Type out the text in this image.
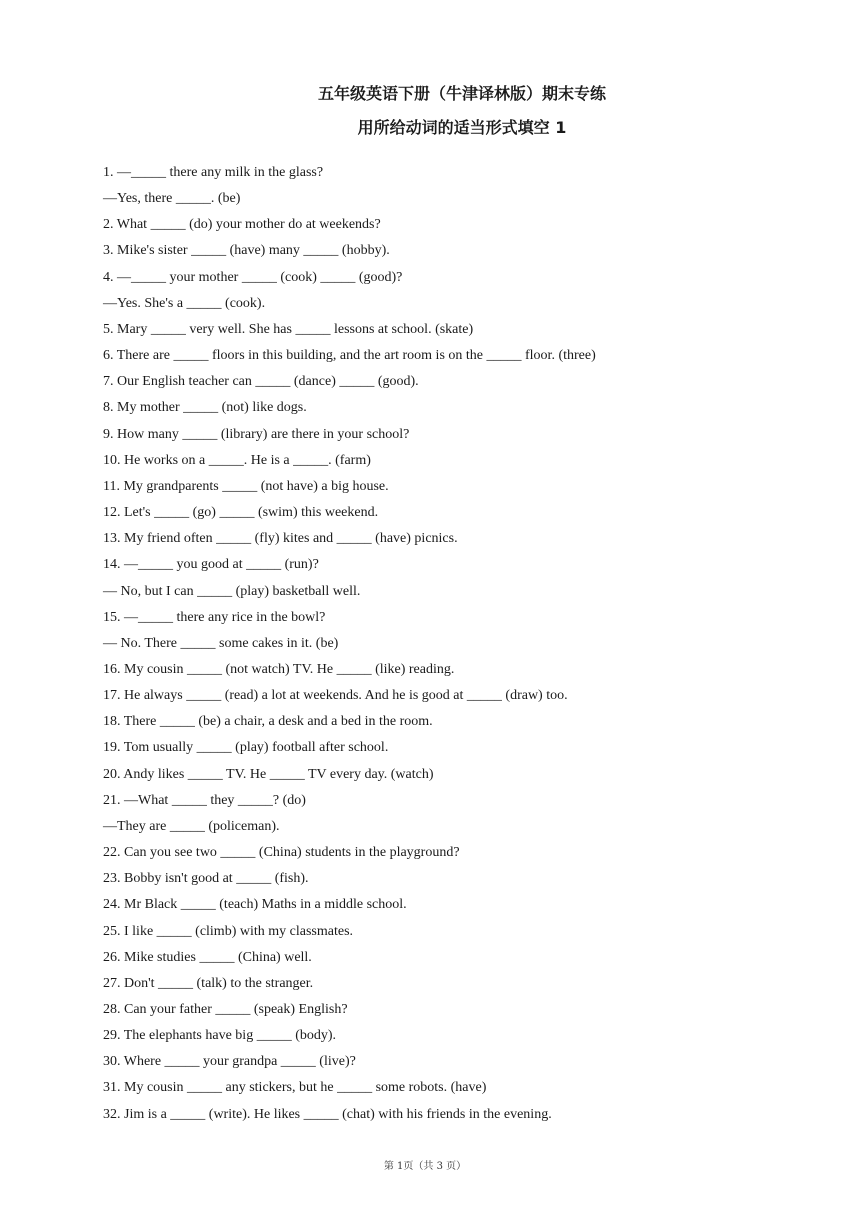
五年级英语下册（牛津译林版）期末专练
用所给动词的适当形式填空 1
1. —_____ there any milk in the glass?
—Yes, there _____. (be)
2. What _____ (do) your mother do at weekends?
3. Mike's sister _____ (have) many _____ (hobby).
4. —_____ your mother _____ (cook) _____ (good)?
—Yes. She's a _____ (cook).
5. Mary _____ very well. She has _____ lessons at school. (skate)
6. There are _____ floors in this building, and the art room is on the _____ floor. (three)
7. Our English teacher can _____ (dance) _____ (good).
8. My mother _____ (not) like dogs.
9. How many _____ (library) are there in your school?
10. He works on a _____. He is a _____. (farm)
11. My grandparents _____ (not have) a big house.
12. Let's _____ (go) _____ (swim) this weekend.
13. My friend often _____ (fly) kites and _____ (have) picnics.
14. —_____ you good at _____ (run)?
— No, but I can _____ (play) basketball well.
15. —_____ there any rice in the bowl?
— No. There _____ some cakes in it. (be)
16. My cousin _____ (not watch) TV. He _____ (like) reading.
17. He always _____ (read) a lot at weekends. And he is good at _____ (draw) too.
18. There _____ (be) a chair, a desk and a bed in the room.
19. Tom usually _____ (play) football after school.
20. Andy likes _____ TV. He _____ TV every day. (watch)
21. —What _____ they _____? (do)
—They are _____ (policeman).
22. Can you see two _____ (China) students in the playground?
23. Bobby isn't good at _____ (fish).
24. Mr Black _____ (teach) Maths in a middle school.
25. I like _____ (climb) with my classmates.
26. Mike studies _____ (China) well.
27. Don't _____ (talk) to the stranger.
28. Can your father _____ (speak) English?
29. The elephants have big _____ (body).
30. Where _____ your grandpa _____ (live)?
31. My cousin _____ any stickers, but he _____ some robots. (have)
32. Jim is a _____ (write). He likes _____ (chat) with his friends in the evening.
第 1页（共 3 页）
